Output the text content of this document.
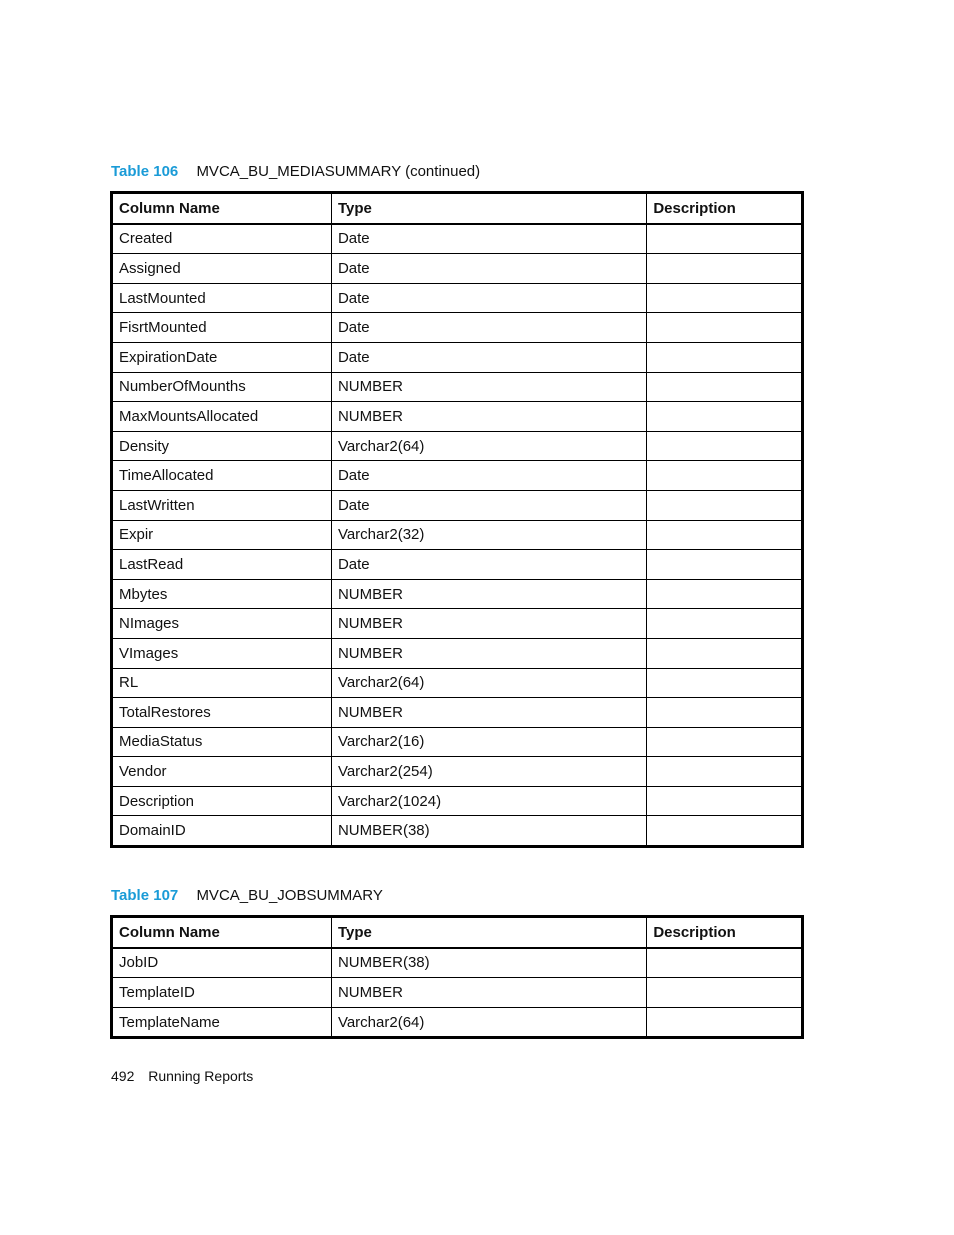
Table 106 MVCA_BU_MEDIASUMMARY (continued)
Column Name	Type	Description
Created	Date	
Assigned	Date	
LastMounted	Date	
FisrtMounted	Date	
ExpirationDate	Date	
NumberOfMounths	NUMBER	
MaxMountsAllocated	NUMBER	
Density	Varchar2(64)	
TimeAllocated	Date	
LastWritten	Date	
Expir	Varchar2(32)	
LastRead	Date	
Mbytes	NUMBER	
NImages	NUMBER	
VImages	NUMBER	
RL	Varchar2(64)	
TotalRestores	NUMBER	
MediaStatus	Varchar2(16)	
Vendor	Varchar2(254)	
Description	Varchar2(1024)	
DomainID	NUMBER(38)	
Table 107 MVCA_BU_JOBSUMMARY
Column Name	Type	Description
JobID	NUMBER(38)	
TemplateID	NUMBER	
TemplateName	Varchar2(64)	
492 Running Reports
